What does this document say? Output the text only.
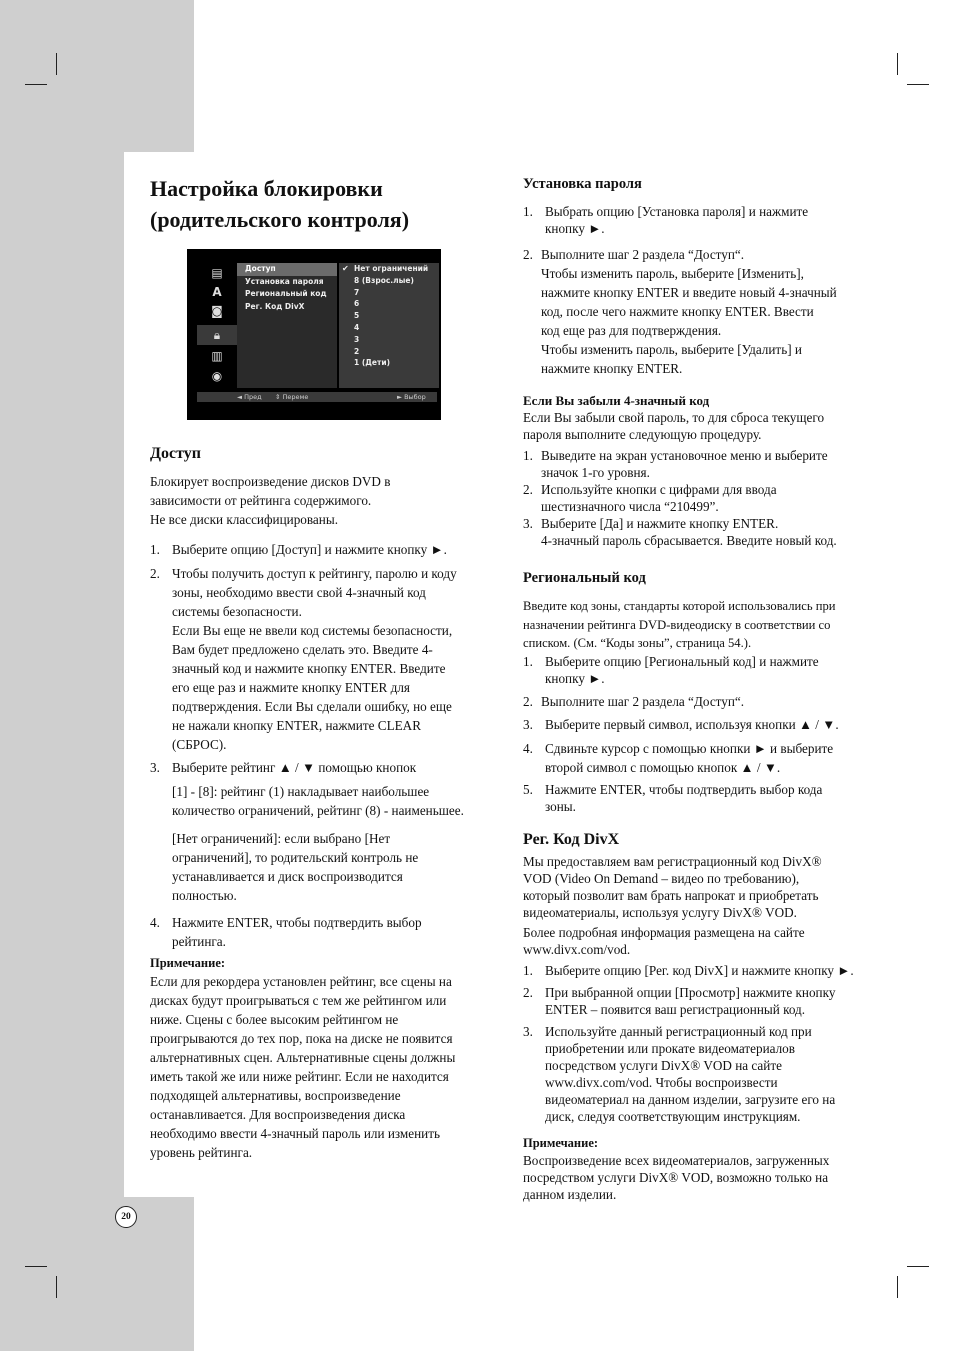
Настройка блокировки
(родительского контроля)
▤
A
◙
🔒︎
▥
◉
Доступ
Установка пароля
Региональный код
Рег. Код DivX
✔ Нет ограничений
8 (Взрос.лые)
7
6
5
4
3
2
1 (Дети)
◄ Пред ⇕ Переме	► Выбор
Доступ

Блокирует воспроизведение дисков DVD в
зависимости от рейтинга содержимого.
Не все диски классифицированы.

1. Выберите опцию [Доступ] и нажмите кнопку ►.
2. Чтобы получить доступ к рейтингу, паролю и коду
зоны, необходимо ввести свой 4-значный код
системы безопасности.
Если Вы еще не ввели код системы безопасности,
Вам будет предложено сделать это. Введите 4-
значный код и нажмите кнопку ENTER. Введите
его еще раз и нажмите кнопку ENTER для
подтверждения. Если Вы сделали ошибку, но еще
не нажали кнопку ENTER, нажмите CLEAR
(СБРОС).
3. Выберите рейтинг ▲ / ▼ помощью кнопок

[1] - [8]: рейтинг (1) накладывает наибольшее
количество ограничений, рейтинг (8) - наименьшее.

[Нет ограничений]: если выбрано [Нет
ограничений], то родительский контроль не
устанавливается и диск воспроизводится
полностью.

4. Нажмите ENTER, чтобы подтвердить выбор
рейтинга.
Примечание:

Если для рекордера установлен рейтинг, все сцены на
дисках будут проигрываться с тем же рейтингом или
ниже. Сцены с более высоким рейтингом не
проигрываются до тех пор, пока на диске не появится
альтернативных сцен. Альтернативные сцены должны
иметь такой же или ниже рейтинг. Если не находится
подходящей альтернативы, воспроизведение
останавливается. Для воспроизведения диска
необходимо ввести 4-значный пароль или изменить
уровень рейтинга.

Установка пароля
1. Выбрать опцию [Установка пароля] и нажмите
кнопку ►.
2. Выполните шаг 2 раздела “Доступ“.
Чтобы изменить пароль, выберите [Изменить],
нажмите кнопку ENTER и введите новый 4-значный
код, после чего нажмите кнопку ENTER. Ввести
код еще раз для подтверждения.
Чтобы изменить пароль, выберите [Удалить] и
нажмите кнопку ENTER.
Если Вы забыли 4-значный код

Если Вы забыли свой пароль, то для сброса текущего
пароля выполните следующую процедуру.

1. Выведите на экран установочное меню и выберите
значок 1-го уровня.
2. Используйте кнопки с цифрами для ввода
шестизначного числа “210499”.
3. Выберите [Да] и нажмите кнопку ENTER.
4-значный пароль сбрасывается. Введите новый код.
Региональный код

Введите код зоны, стандарты которой использовались при
назначении рейтинга DVD-видеодиску в соответствии со
списком. (См. “Коды зоны”, страница 54.).

1. Выберите опцию [Региональный код] и нажмите
кнопку ►.
2. Выполните шаг 2 раздела “Доступ“.
3. Выберите первый символ, используя кнопки ▲ / ▼.
4. Сдвиньте курсор с помощью кнопки ► и выберите
второй символ с помощью кнопок ▲ / ▼.
5. Нажмите ENTER, чтобы подтвердить выбор кода
зоны.
Рег. Код DivX

Мы предоставляем вам регистрационный код DivX®
VOD (Video On Demand – видео по требованию),
который позволит вам брать напрокат и приобретать
видеоматериалы, используя услугу DivX® VOD.

Более подробная информация размещена на сайте
www.divx.com/vod.

1. Выберите опцию [Рег. код DivX] и нажмите кнопку ►.
2. При выбранной опции [Просмотр] нажмите кнопку
ENTER – появится ваш регистрационный код.
3. Используйте данный регистрационный код при
приобретении или прокате видеоматериалов
посредством услуги DivX® VOD на сайте
www.divx.com/vod. Чтобы воспроизвести
видеоматериал на данном изделии, загрузите его на
диск, следуя соответствующим инструкциям.
Примечание:

Воспроизведение всех видеоматериалов, загруженных
посредством услуги DivX® VOD, возможно только на
данном изделии.

20
